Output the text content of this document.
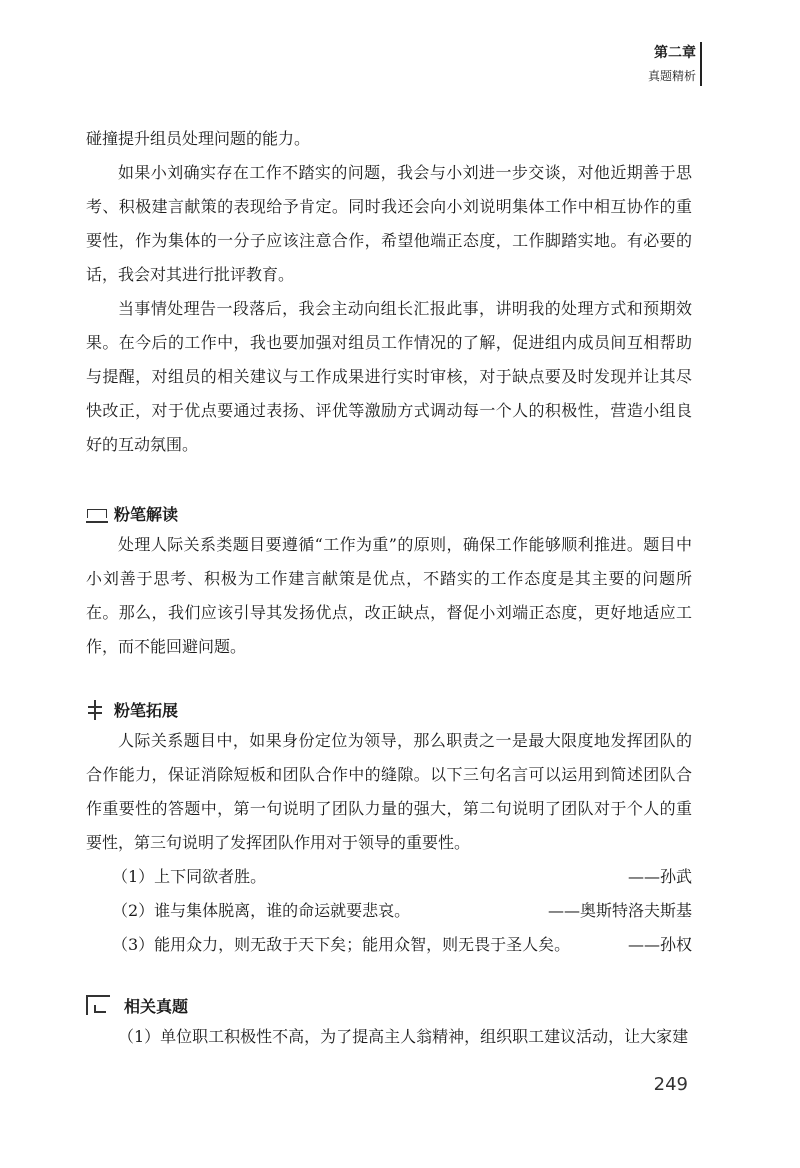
第二章
真题精析

碰撞提升组员处理问题的能力。

如果小刘确实存在工作不踏实的问题，我会与小刘进一步交谈，对他近期善于思考、积极建言献策的表现给予肯定。同时我还会向小刘说明集体工作中相互协作的重要性，作为集体的一分子应该注意合作，希望他端正态度，工作脚踏实地。有必要的话，我会对其进行批评教育。

当事情处理告一段落后，我会主动向组长汇报此事，讲明我的处理方式和预期效果。在今后的工作中，我也要加强对组员工作情况的了解，促进组内成员间互相帮助与提醒，对组员的相关建议与工作成果进行实时审核，对于缺点要及时发现并让其尽快改正，对于优点要通过表扬、评优等激励方式调动每一个人的积极性，营造小组良好的互动氛围。

粉笔解读

处理人际关系类题目要遵循“工作为重”的原则，确保工作能够顺利推进。题目中小刘善于思考、积极为工作建言献策是优点，不踏实的工作态度是其主要的问题所在。那么，我们应该引导其发扬优点，改正缺点，督促小刘端正态度，更好地适应工作，而不能回避问题。

粉笔拓展

人际关系题目中，如果身份定位为领导，那么职责之一是最大限度地发挥团队的合作能力，保证消除短板和团队合作中的缝隙。以下三句名言可以运用到简述团队合作重要性的答题中，第一句说明了团队力量的强大，第二句说明了团队对于个人的重要性，第三句说明了发挥团队作用对于领导的重要性。

（1）上下同欲者胜。	——孙武
（2）谁与集体脱离，谁的命运就要悲哀。	——奥斯特洛夫斯基
（3）能用众力，则无敌于天下矣；能用众智，则无畏于圣人矣。	——孙权
相关真题

（1）单位职工积极性不高，为了提高主人翁精神，组织职工建议活动，让大家建

249
